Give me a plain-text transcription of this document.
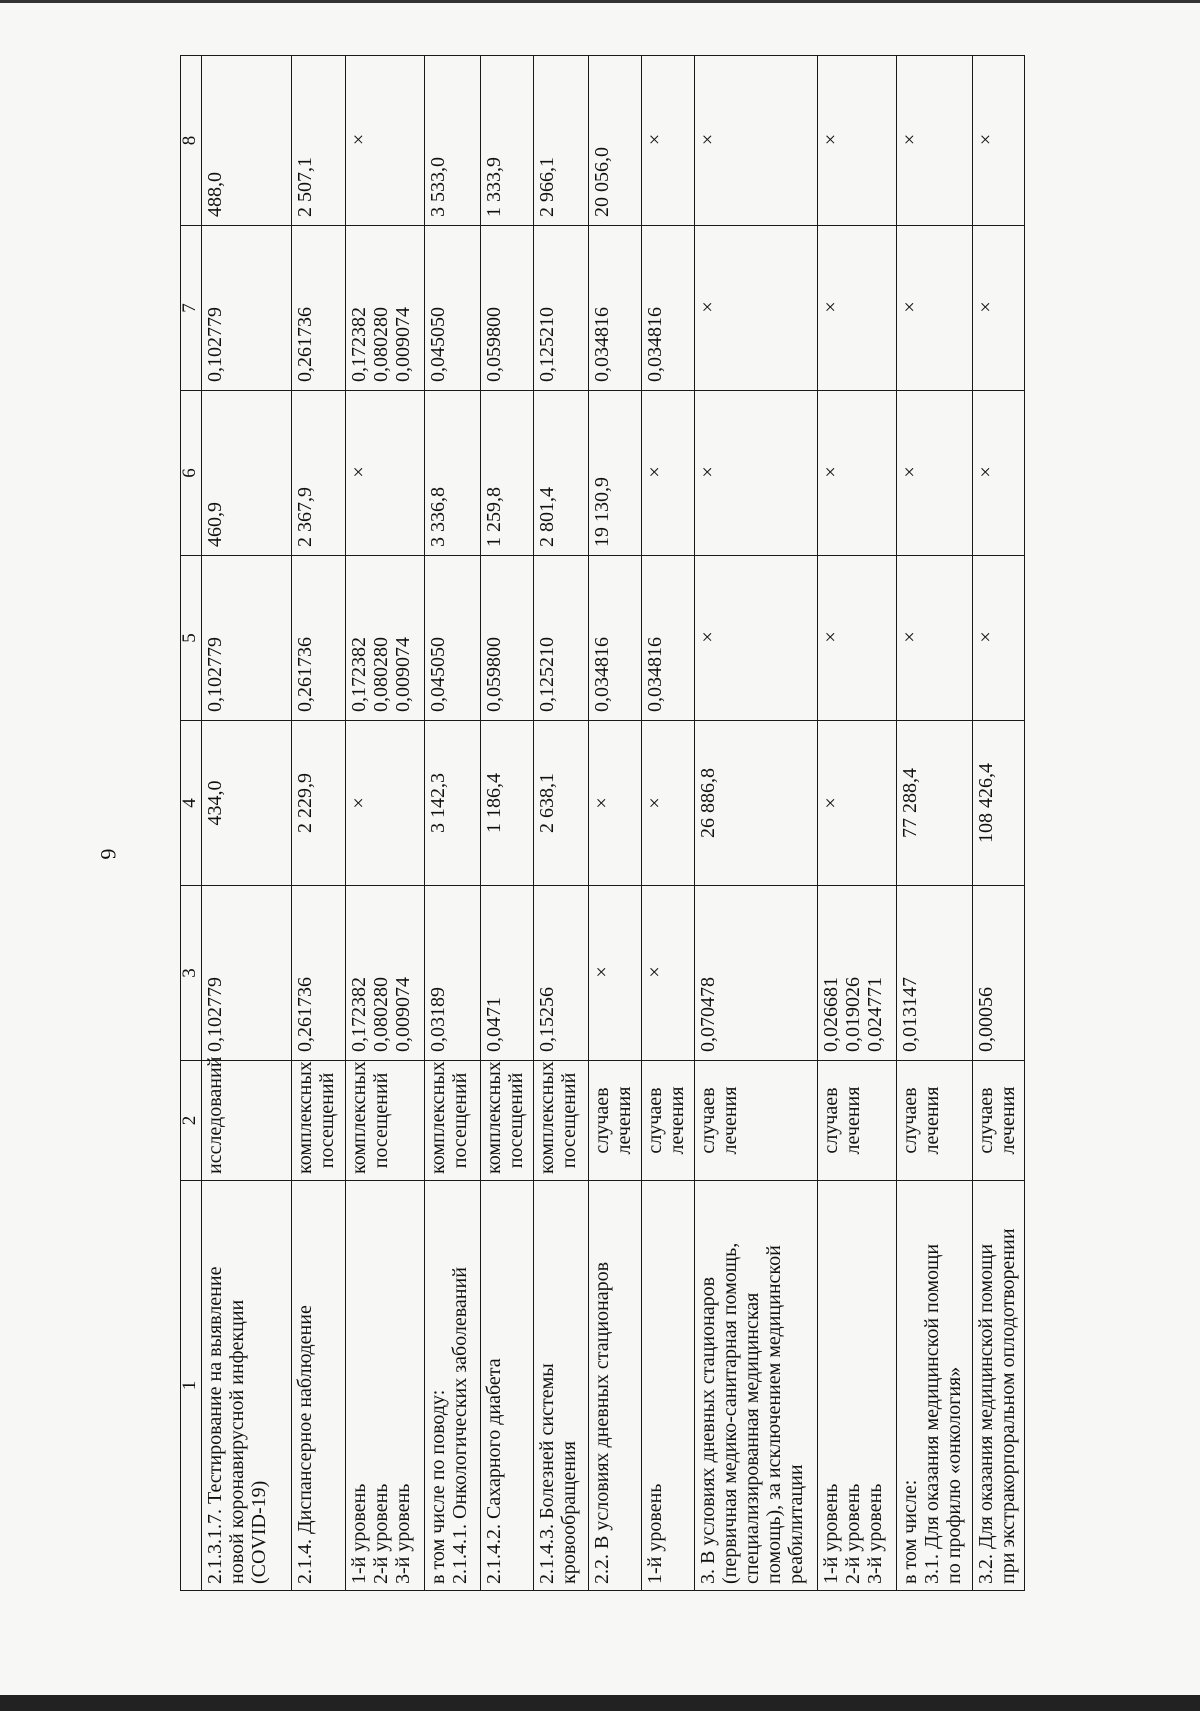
6
1	2	3	4	5	6	7	8

2.1.3.1.7. Тестирование на выявление новой коронавирусной инфекции (COVID-19)	исследований	0,102779	434,0	0,102779	460,9	0,102779	488,0

2.1.4. Диспансерное наблюдение	комплексных посещений	0,261736	2 229,9	0,261736	2 367,9	0,261736	2 507,1

1-й уровень 2-й уровень 3-й уровень	комплексных посещений	0,172382 0,080280 0,009074	×	0,172382 0,080280 0,009074	×	0,172382 0,080280 0,009074	×

в том числе по поводу: 2.1.4.1. Онкологических заболеваний	комплексных посещений	0,03189	3 142,3	0,045050	3 336,8	0,045050	3 533,0

2.1.4.2. Сахарного диабета	комплексных посещений	0,0471	1 186,4	0,059800	1 259,8	0,059800	1 333,9

2.1.4.3. Болезней системы кровообращения	комплексных посещений	0,15256	2 638,1	0,125210	2 801,4	0,125210	2 966,1

2.2. В условиях дневных стационаров	случаев лечения	×	×	0,034816	19 130,9	0,034816	20 056,0

1-й уровень	случаев лечения	×	×	0,034816	×	0,034816	×

3. В условиях дневных стационаров (первичная медико-санитарная помощь, специализированная медицинская помощь), за исключением медицинской реабилитации	случаев лечения	0,070478	26 886,8	×	×	×	×

1-й уровень 2-й уровень 3-й уровень	случаев лечения	0,026681 0,019026 0,024771	×	×	×	×	×

в том числе: 3.1. Для оказания медицинской помощи по профилю «онкология»	случаев лечения	0,013147	77 288,4	×	×	×	×

3.2. Для оказания медицинской помощи при экстракорпоральном оплодотворении	случаев лечения	0,00056	108 426,4	×	×	×	×
